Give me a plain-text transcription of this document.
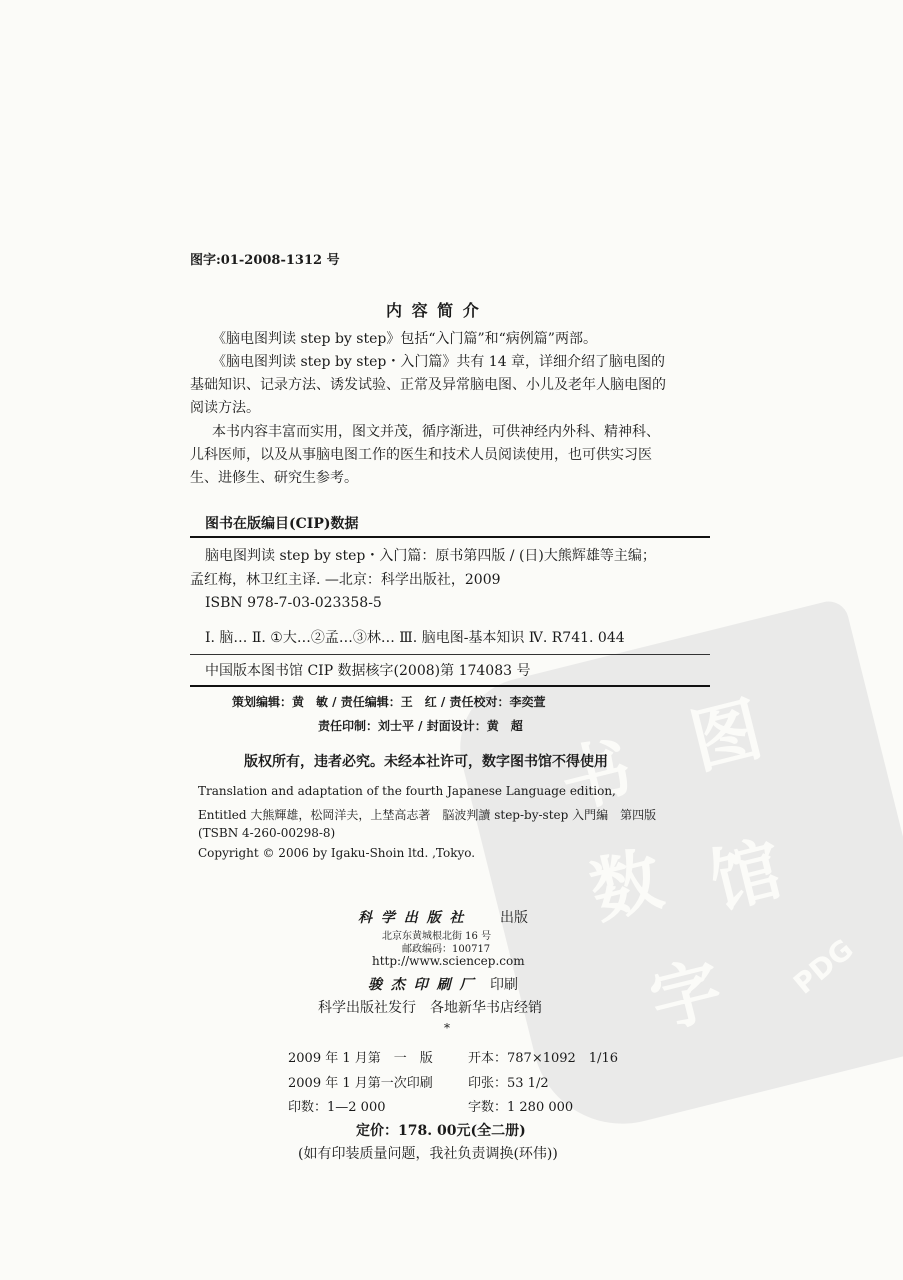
图
书
馆
数
字 PDG
图字:01-2008-1312 号
内 容 简 介
《脑电图判读 step by step》包括“入门篇”和“病例篇”两部。
《脑电图判读 step by step・入门篇》共有 14 章，详细介绍了脑电图的
基础知识、记录方法、诱发试验、正常及异常脑电图、小儿及老年人脑电图的
阅读方法。
本书内容丰富而实用，图文并茂，循序渐进，可供神经内外科、精神科、
儿科医师，以及从事脑电图工作的医生和技术人员阅读使用，也可供实习医
生、进修生、研究生参考。
图书在版编目(CIP)数据
脑电图判读 step by step・入门篇：原书第四版 / (日)大熊辉雄等主编；
孟红梅，林卫红主译. —北京：科学出版社，2009
ISBN 978-7-03-023358-5
Ⅰ. 脑… Ⅱ. ①大…②孟…③林… Ⅲ. 脑电图-基本知识 Ⅳ. R741. 044
中国版本图书馆 CIP 数据核字(2008)第 174083 号
策划编辑：黄　敏 / 责任编辑：王　红 / 责任校对：李奕萱
责任印制：刘士平 / 封面设计：黄　超
版权所有，违者必究。未经本社许可，数字图书馆不得使用
Translation and adaptation of the fourth Japanese Language edition,
Entitled 大熊輝雄，松岡洋夫，上埜高志著　脳波判讀 step-by-step 入門編　第四版
(TSBN 4-260-00298-8)
Copyright © 2006 by Igaku-Shoin ltd. ,Tokyo.
科 学 出 版 社 出版
北京东黄城根北街 16 号
邮政编码：100717
http://www.sciencep.com
骏 杰 印 刷 厂 印刷
科学出版社发行　各地新华书店经销
*
2009 年 1 月第　一　版	开本：787×1092　1/16
2009 年 1 月第一次印刷	印张：53 1/2
印数：1—2 000	字数：1 280 000
定价：178. 00元(全二册)
(如有印装质量问题，我社负责调换(环伟))
